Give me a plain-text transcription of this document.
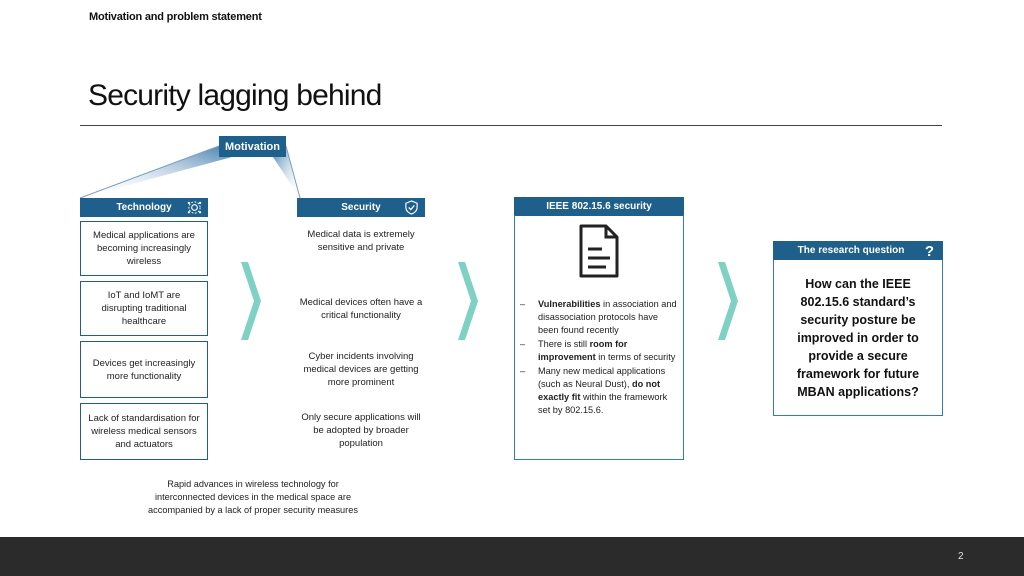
Motivation and problem statement
Security lagging behind
Motivation
Technology
Medical applications are becoming increasingly wireless
IoT and IoMT are disrupting traditional healthcare
Devices get increasingly more functionality
Lack of standardisation for wireless medical sensors and actuators
Security
Medical data is extremely sensitive and private
Medical devices often have a critical functionality
Cyber incidents involving medical devices are getting more prominent
Only secure applications will be adopted by broader population
IEEE 802.15.6 security
– Vulnerabilities in association and disassociation protocols have been found recently
– There is still room for improvement in terms of security
– Many new medical applications (such as Neural Dust), do not exactly fit within the framework set by 802.15.6.
The research question ?
How can the IEEE 802.15.6 standard’s security posture be improved in order to provide a secure framework for future MBAN applications?
Rapid advances in wireless technology for interconnected devices in the medical space are accompanied by a lack of proper security measures
2
